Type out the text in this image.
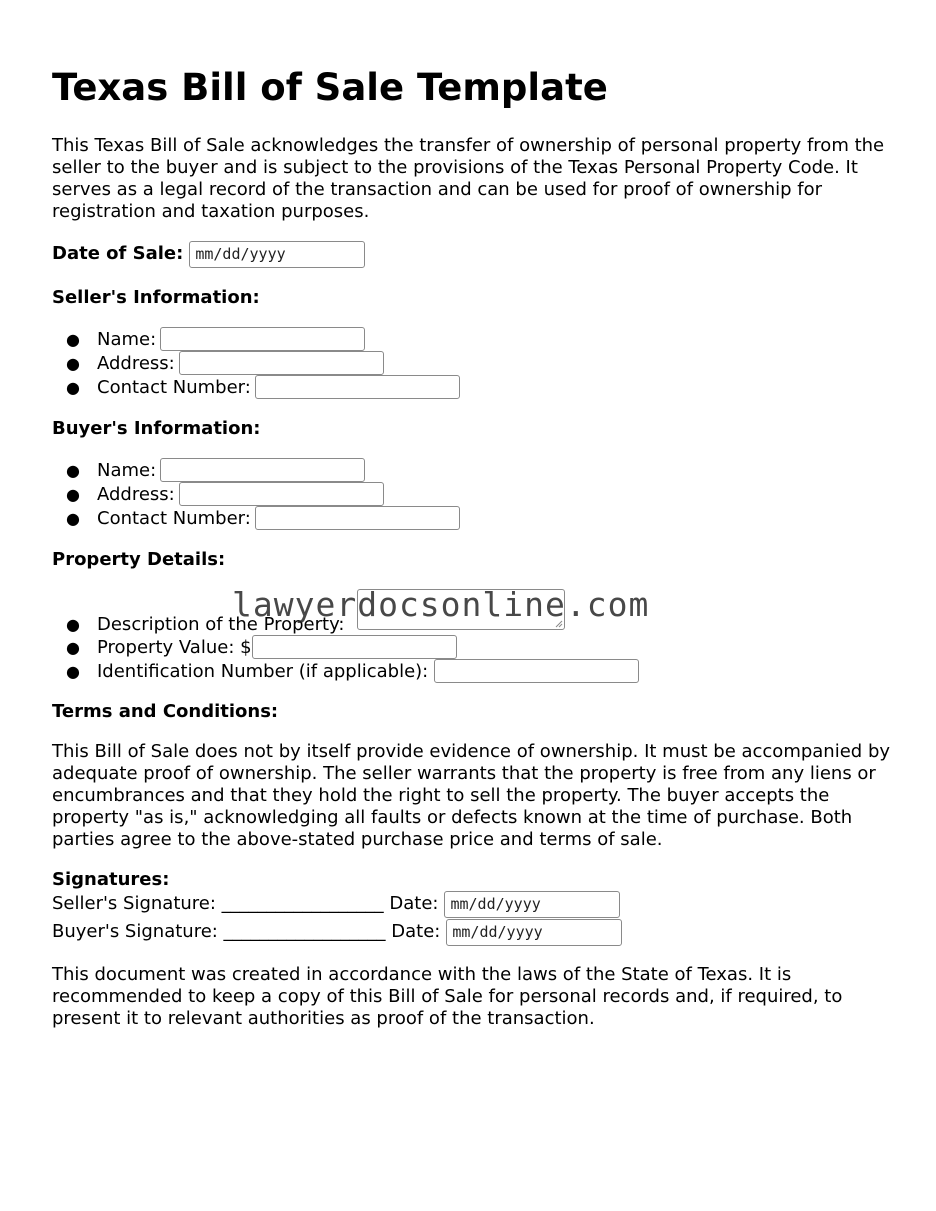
Texas Bill of Sale Template

This Texas Bill of Sale acknowledges the transfer of ownership of personal property from the seller to the buyer and is subject to the provisions of the Texas Personal Property Code. It serves as a legal record of the transaction and can be used for proof of ownership for registration and taxation purposes.

Date of Sale: mm/dd/yyyy

Seller's Information:

● Name:
● Address:
● Contact Number:

Buyer's Information:

● Name:
● Address:
● Contact Number:

Property Details:

● Description of the Property:
● Property Value: $
● Identification Number (if applicable):

Terms and Conditions:

This Bill of Sale does not by itself provide evidence of ownership. It must be accompanied by adequate proof of ownership. The seller warrants that the property is free from any liens or encumbrances and that they hold the right to sell the property. The buyer accepts the property "as is," acknowledging all faults or defects known at the time of purchase. Both parties agree to the above-stated purchase price and terms of sale.

Signatures:

Seller's Signature: __________________ Date: mm/dd/yyyy
Buyer's Signature: __________________ Date: mm/dd/yyyy

This document was created in accordance with the laws of the State of Texas. It is recommended to keep a copy of this Bill of Sale for personal records and, if required, to present it to relevant authorities as proof of the transaction.

lawyerdocsonline.com
